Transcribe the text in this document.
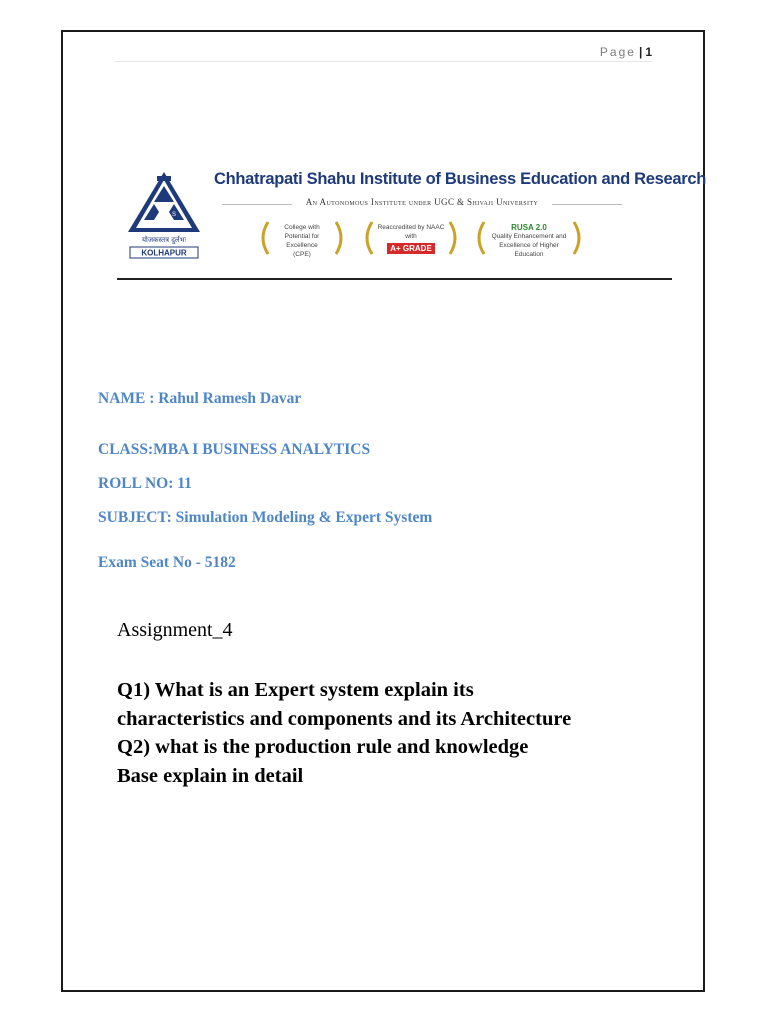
Page | 1
C S
योजकस्तत्र दुर्लभः
KOLHAPUR
Chhatrapati Shahu Institute of Business Education and Research
An Autonomous Institute under UGC & Shivaji University
College with
Potential for Excellence
(CPE)
Reaccredited by NAAC with
A+ GRADE
RUSA 2.0
Quality Enhancement and
Excellence of Higher Education
NAME : Rahul Ramesh Davar
CLASS:MBA I BUSINESS ANALYTICS
ROLL NO: 11
SUBJECT: Simulation Modeling & Expert System
Exam Seat No - 5182
Assignment_4
Q1) What is an Expert system explain its
characteristics and components and its Architecture
Q2) what is the production rule and knowledge
Base explain in detail
